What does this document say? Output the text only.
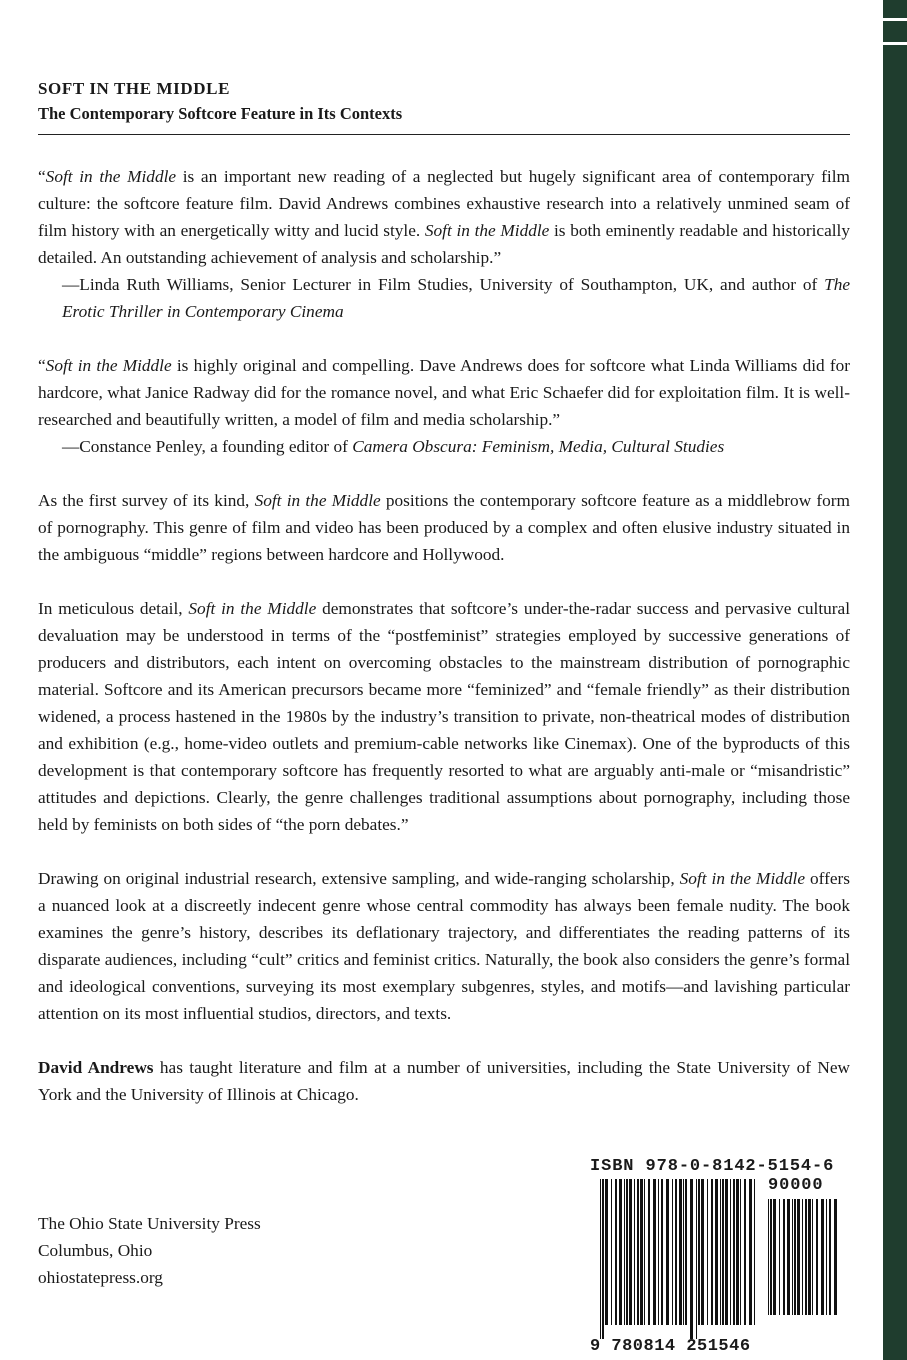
SOFT IN THE MIDDLE
The Contemporary Softcore Feature in Its Contexts

“Soft in the Middle is an important new reading of a neglected but hugely significant area of contemporary film culture: the softcore feature film. David Andrews combines exhaustive research into a relatively unmined seam of film history with an energetically witty and lucid style. Soft in the Middle is both eminently readable and historically detailed. An outstanding achievement of analysis and scholarship.”

—Linda Ruth Williams, Senior Lecturer in Film Studies, University of Southampton, UK, and author of The Erotic Thriller in Contemporary Cinema

“Soft in the Middle is highly original and compelling. Dave Andrews does for softcore what Linda Williams did for hardcore, what Janice Radway did for the romance novel, and what Eric Schaefer did for exploitation film. It is well-researched and beautifully written, a model of film and media scholarship.”

—Constance Penley, a founding editor of Camera Obscura: Feminism, Media, Cultural Studies

As the first survey of its kind, Soft in the Middle positions the contemporary softcore feature as a middlebrow form of pornography. This genre of film and video has been produced by a complex and often elusive industry situated in the ambiguous “middle” regions between hardcore and Hollywood.

In meticulous detail, Soft in the Middle demonstrates that softcore’s under-the-radar success and pervasive cultural devaluation may be understood in terms of the “postfeminist” strategies employed by successive generations of producers and distributors, each intent on overcoming obstacles to the mainstream distribution of pornographic material. Softcore and its American precursors became more “feminized” and “female friendly” as their distribution widened, a process hastened in the 1980s by the industry’s transition to private, non-theatrical modes of distribution and exhibition (e.g., home-video outlets and premium-cable networks like Cinemax). One of the byproducts of this development is that contemporary softcore has frequently resorted to what are arguably anti-male or “misandristic” attitudes and depictions. Clearly, the genre challenges traditional assumptions about pornography, including those held by feminists on both sides of “the porn debates.”

Drawing on original industrial research, extensive sampling, and wide-ranging scholarship, Soft in the Middle offers a nuanced look at a discreetly indecent genre whose central commodity has always been female nudity. The book examines the genre’s history, describes its deflationary trajectory, and differentiates the reading patterns of its disparate audiences, including “cult” critics and feminist critics. Naturally, the book also considers the genre’s formal and ideological conventions, surveying its most exemplary subgenres, styles, and motifs—and lavishing particular attention on its most influential studios, directors, and texts.

David Andrews has taught literature and film at a number of universities, including the State University of New York and the University of Illinois at Chicago.

The Ohio State University Press
Columbus, Ohio
ohiostatepress.org
ISBN 978-0-8142-5154-6
90000
9 780814 251546
